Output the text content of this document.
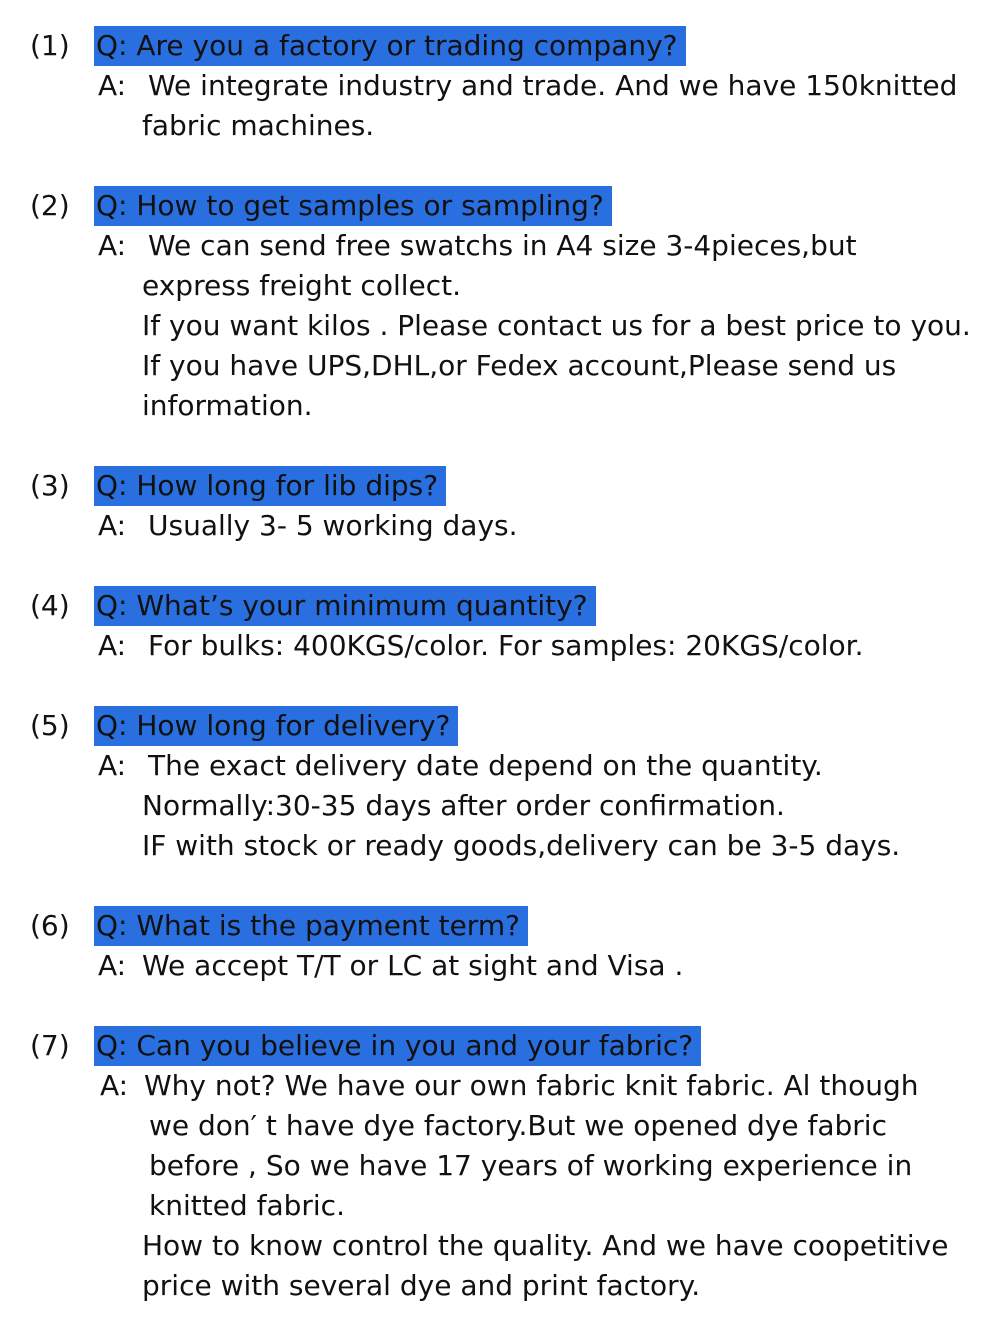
(1) Q: Are you a factory or trading company?
A: We integrate industry and trade. And we have 150knitted
fabric machines.
(2) Q: How to get samples or sampling?
A: We can send free swatchs in A4 size 3-4pieces,but
express freight collect.
If you want kilos . Please contact us for a best price to you.
If you have UPS,DHL,or Fedex account,Please send us
information.
(3) Q: How long for lib dips?
A: Usually 3- 5 working days.
(4) Q: What’s your minimum quantity?
A: For bulks: 400KGS/color. For samples: 20KGS/color.
(5) Q: How long for delivery?
A: The exact delivery date depend on the quantity.
Normally:30-35 days after order confirmation.
IF with stock or ready goods,delivery can be 3-5 days.
(6) Q: What is the payment term?
A: We accept T/T or LC at sight and Visa .
(7) Q: Can you believe in you and your fabric?
A: Why not? We have our own fabric knit fabric. Al though
we don′ t have dye factory.But we opened dye fabric
before , So we have 17 years of working experience in
knitted fabric.
How to know control the quality. And we have coopetitive
price with several dye and print factory.
